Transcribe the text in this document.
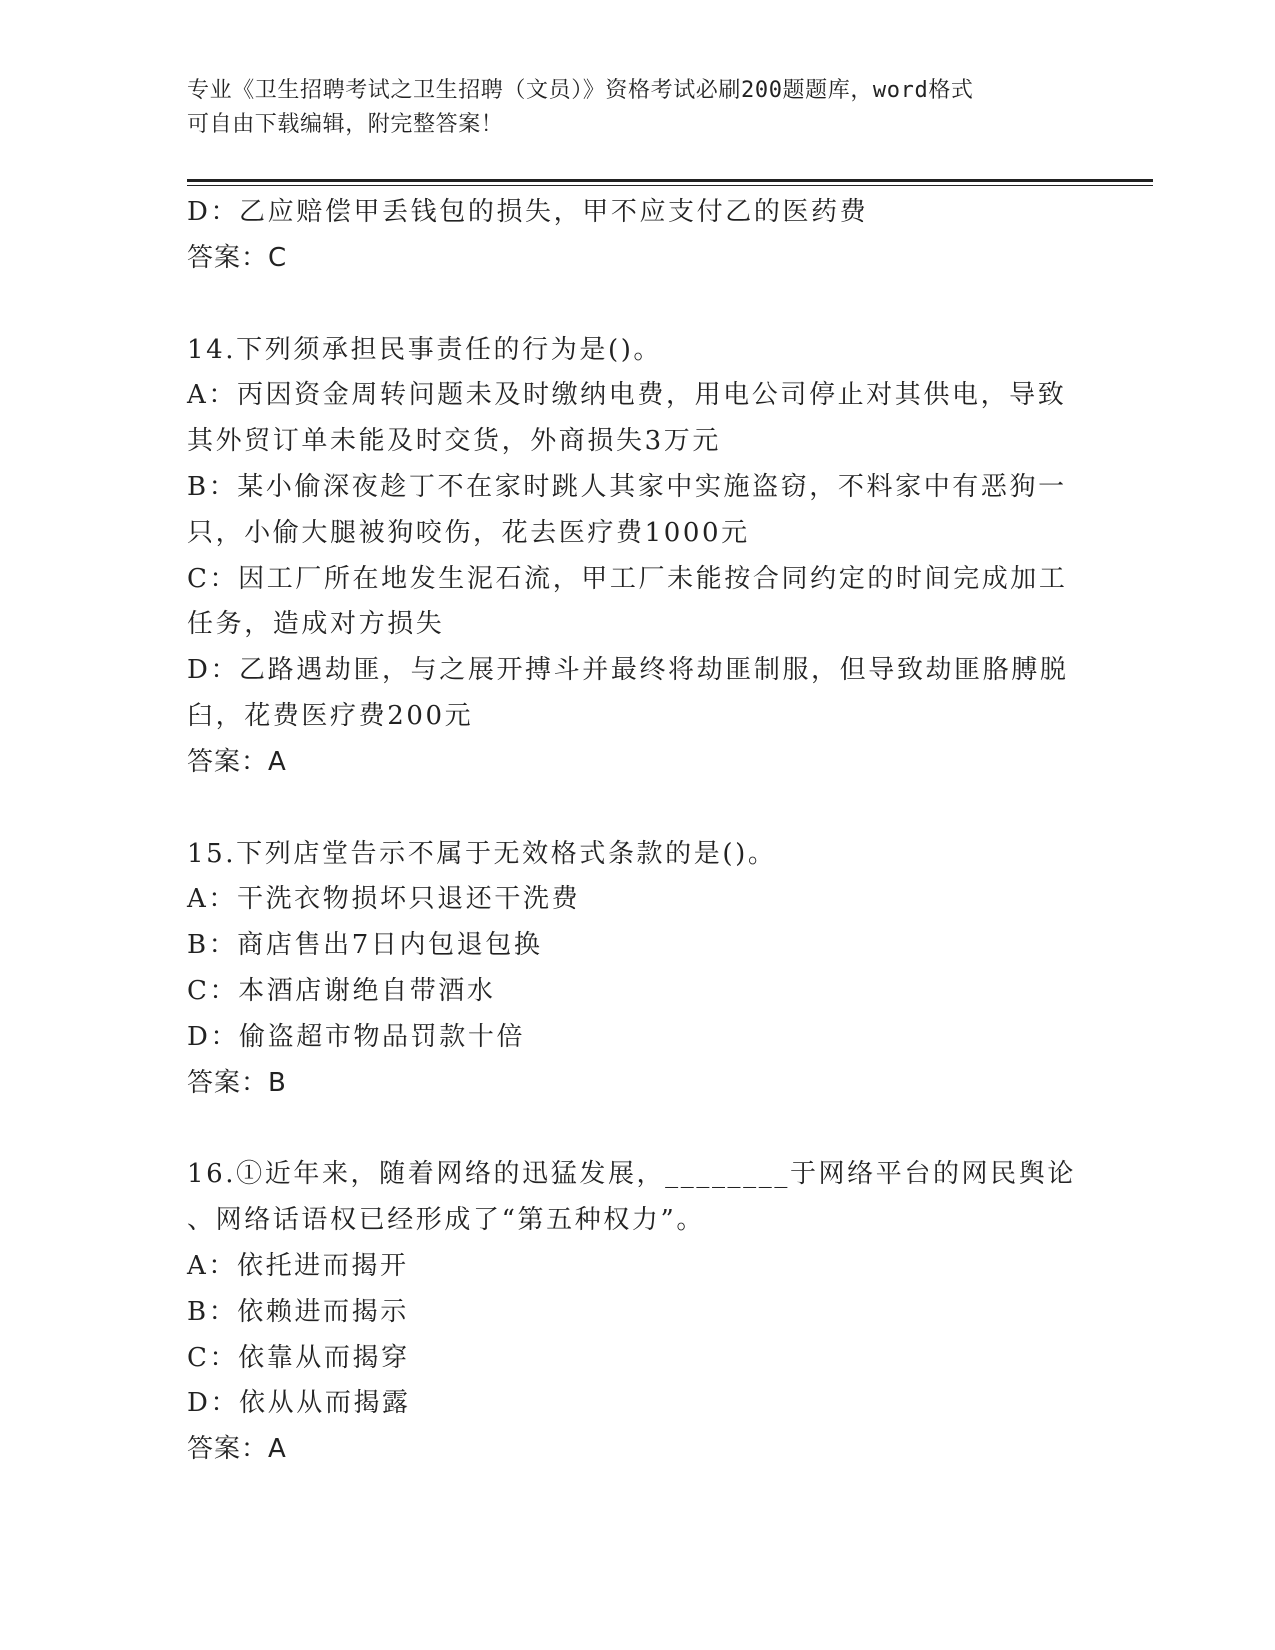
专业《卫生招聘考试之卫生招聘（文员）》资格考试必刷200题题库，word格式
可自由下载编辑，附完整答案！
D：乙应赔偿甲丢钱包的损失，甲不应支付乙的医药费
答案：C
14.下列须承担民事责任的行为是()。
A：丙因资金周转问题未及时缴纳电费，用电公司停止对其供电，导致
其外贸订单未能及时交货，外商损失3万元
B：某小偷深夜趁丁不在家时跳人其家中实施盗窃，不料家中有恶狗一
只，小偷大腿被狗咬伤，花去医疗费1000元
C：因工厂所在地发生泥石流，甲工厂未能按合同约定的时间完成加工
任务，造成对方损失
D：乙路遇劫匪，与之展开搏斗并最终将劫匪制服，但导致劫匪胳膊脱
臼，花费医疗费200元
答案：A
15.下列店堂告示不属于无效格式条款的是()。
A：干洗衣物损坏只退还干洗费
B：商店售出7日内包退包换
C：本酒店谢绝自带酒水
D：偷盗超市物品罚款十倍
答案：B
16.①近年来，随着网络的迅猛发展，________于网络平台的网民舆论
、网络话语权已经形成了“第五种权力”。
A：依托进而揭开
B：依赖进而揭示
C：依靠从而揭穿
D：依从从而揭露
答案：A
